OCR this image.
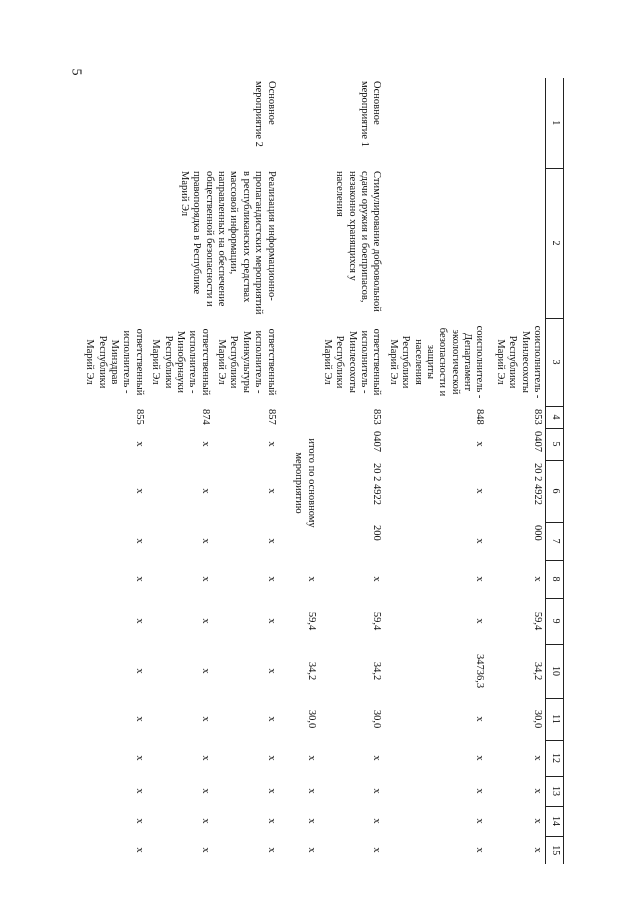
5
1	2	3	4	5	6	7	8	9	10	11	12	13	14	15
		соисполнитель - Минлесохоты Республики Марий Эл	853	0407	20 2 4922	000	х	59,4	34,2	30,0	х	х	х	х
		соисполнитель - Департамент экологической безопасности и защиты населения Республики Марий Эл	848	х	х	х	х	х	34736,3	х	х	х	х	х
Основное мероприятие 1	Стимулирование добровольной сдачи оружия и боеприпасов, незаконно хранящихся у населения	ответственный исполнитель - Минлесохоты Республики Марий Эл	853	0407	20 2 4922	200	х	59,4	34,2	30,0	х	х	х	х
			итого по основному мероприятию				х	59,4	34,2	30,0	х	х	х	х
Основное мероприятие 2	Реализация информационно-пропагандистских мероприятий в республиканских средствах массовой информации, направленных на обеспечение общественной безопасности и правопорядка в Республике Марий Эл	ответственный исполнитель - Минкультуры Республики Марий Эл	857	х	х	х	х	х	х	х	х	х	х	х
		ответственный исполнитель - Минобрнауки Республики Марий Эл	874	х	х	х	х	х	х	х	х	х	х	х
		ответственный исполнитель - Минздрав Республики Марий Эл	855	х	х	х	х	х	х	х	х	х	х	х
